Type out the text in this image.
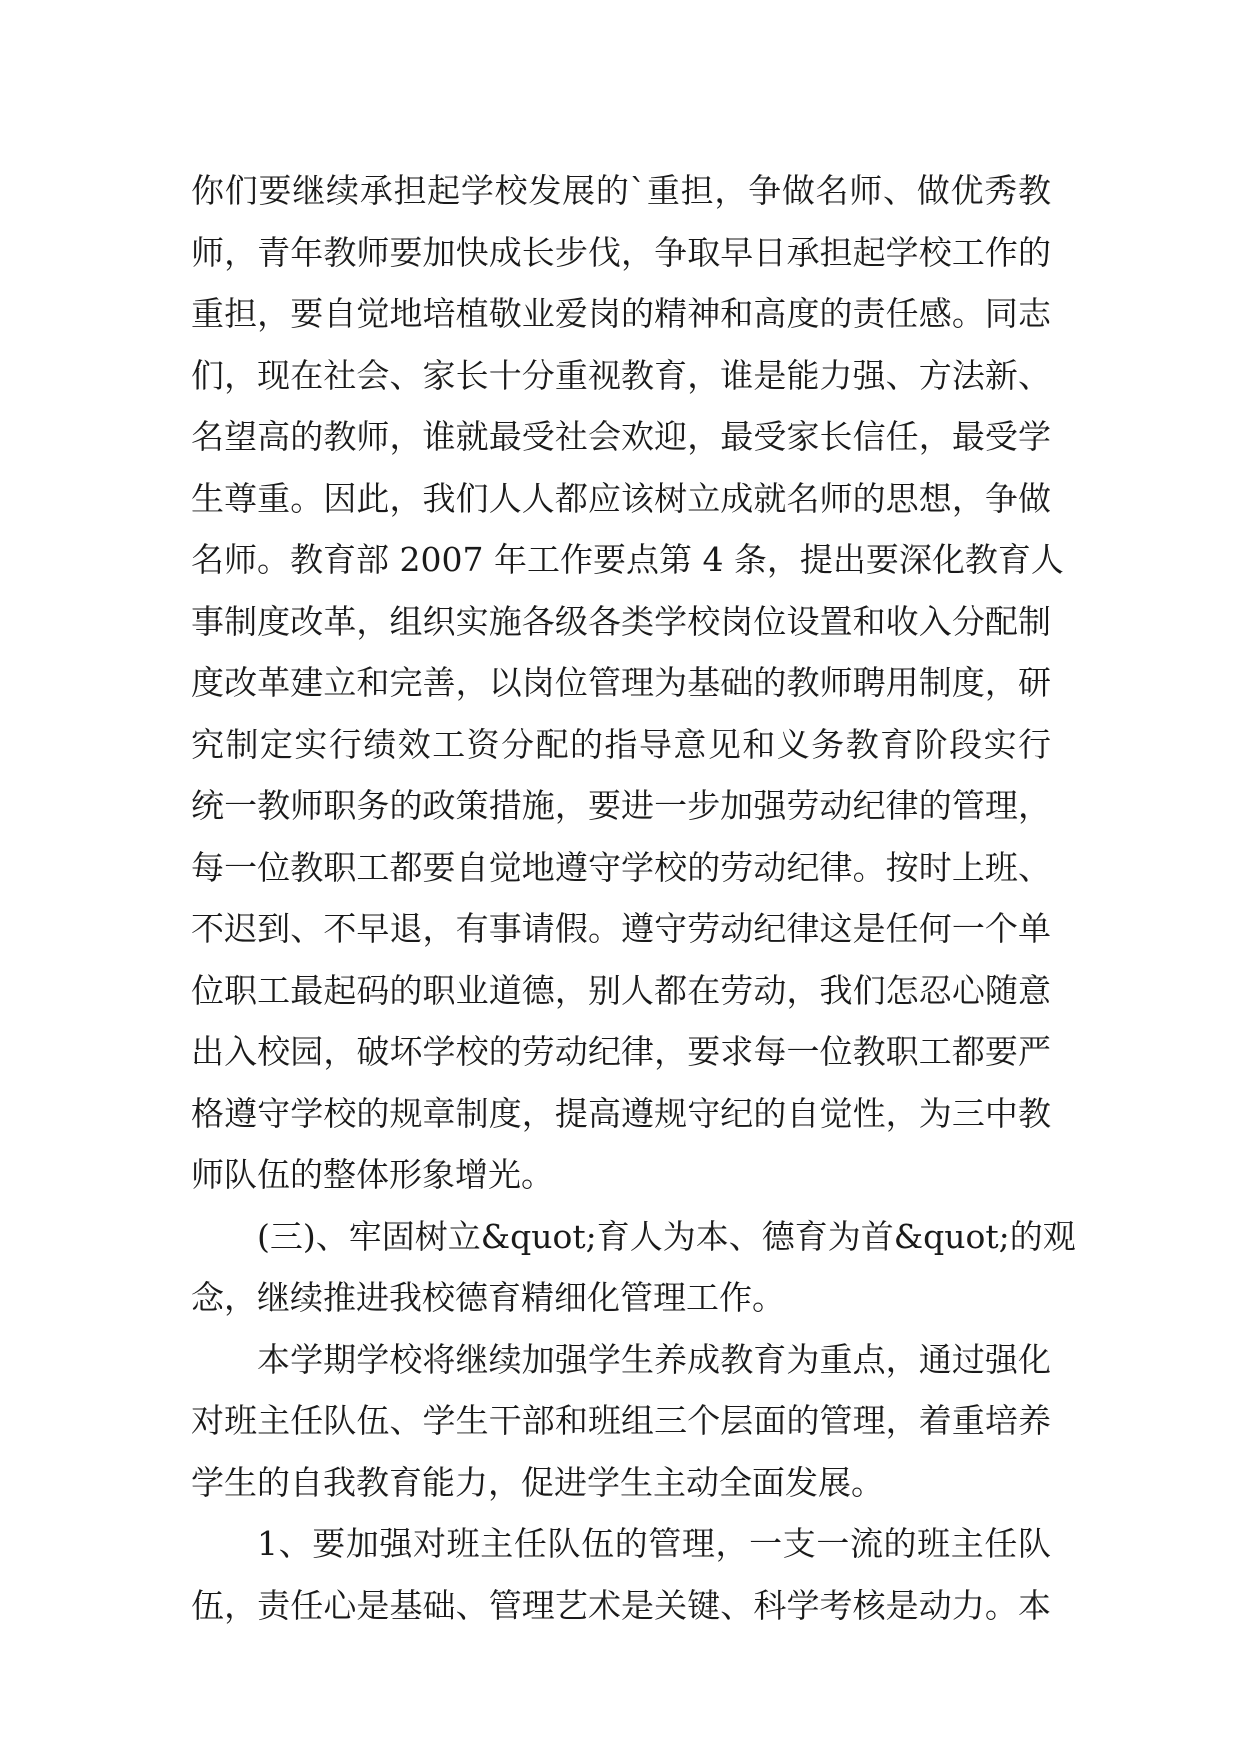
你们要继续承担起学校发展的`重担，争做名师、做优秀教
师，青年教师要加快成长步伐，争取早日承担起学校工作的
重担，要自觉地培植敬业爱岗的精神和高度的责任感。同志
们，现在社会、家长十分重视教育，谁是能力强、方法新、
名望高的教师，谁就最受社会欢迎，最受家长信任，最受学
生尊重。因此，我们人人都应该树立成就名师的思想，争做
名师。教育部 2007 年工作要点第 4 条，提出要深化教育人
事制度改革，组织实施各级各类学校岗位设置和收入分配制
度改革建立和完善，以岗位管理为基础的教师聘用制度，研
究制定实行绩效工资分配的指导意见和义务教育阶段实行
统一教师职务的政策措施，要进一步加强劳动纪律的管理，
每一位教职工都要自觉地遵守学校的劳动纪律。按时上班、
不迟到、不早退，有事请假。遵守劳动纪律这是任何一个单
位职工最起码的职业道德，别人都在劳动，我们怎忍心随意
出入校园，破坏学校的劳动纪律，要求每一位教职工都要严
格遵守学校的规章制度，提高遵规守纪的自觉性，为三中教
师队伍的整体形象增光。
(三)、牢固树立&quot;育人为本、德育为首&quot;的观
念，继续推进我校德育精细化管理工作。
本学期学校将继续加强学生养成教育为重点，通过强化
对班主任队伍、学生干部和班组三个层面的管理，着重培养
学生的自我教育能力，促进学生主动全面发展。
1、要加强对班主任队伍的管理，一支一流的班主任队
伍，责任心是基础、管理艺术是关键、科学考核是动力。本
